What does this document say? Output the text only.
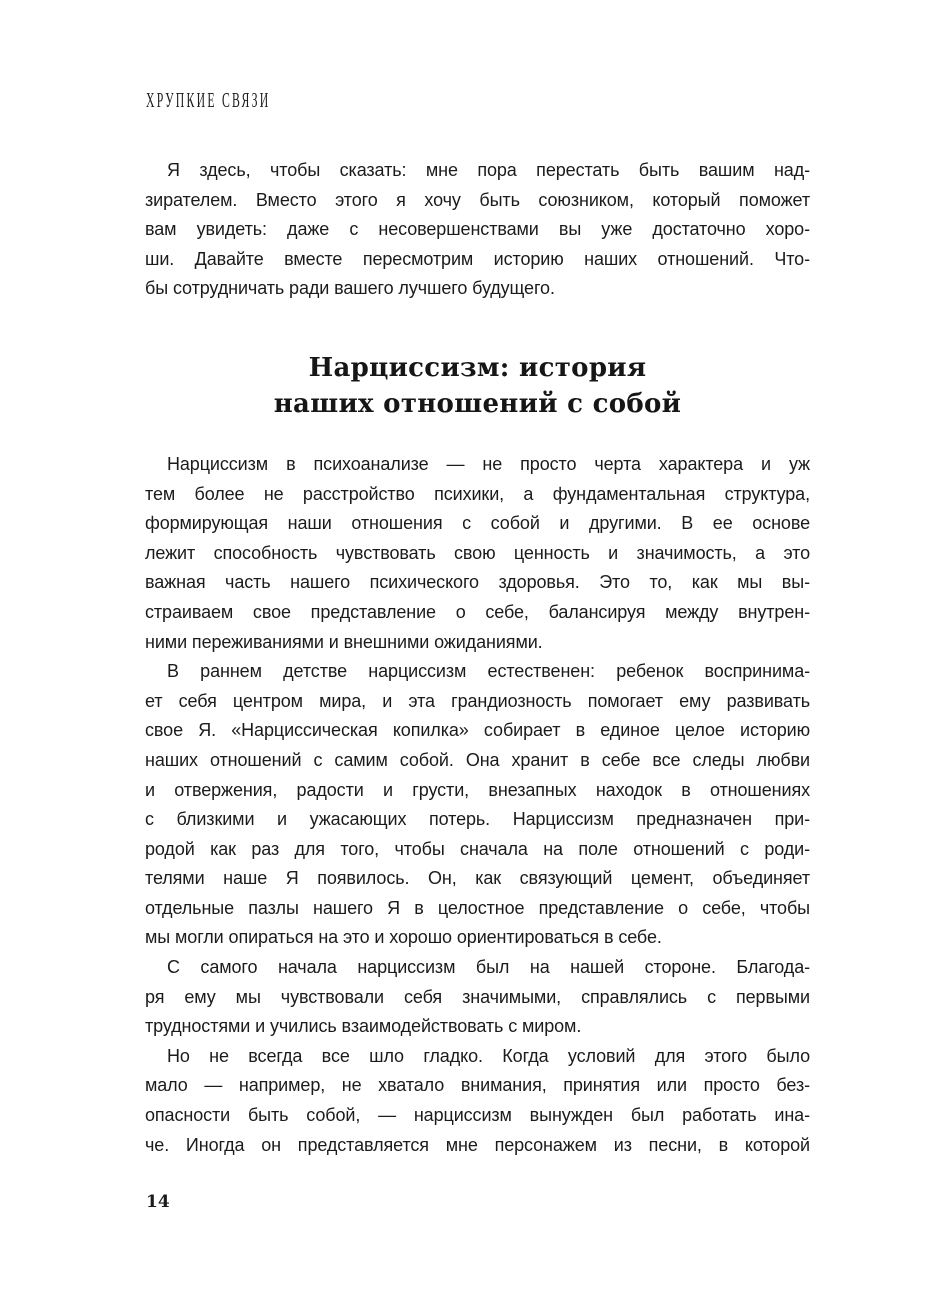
ХРУПКИЕ СВЯЗИ
Я здесь, чтобы сказать: мне пора перестать быть вашим над-
зирателем. Вместо этого я хочу быть союзником, который поможет
вам увидеть: даже с несовершенствами вы уже достаточно хоро-
ши. Давайте вместе пересмотрим историю наших отношений. Что-
бы сотрудничать ради вашего лучшего будущего.
Нарциссизм: история
наших отношений с собой
Нарциссизм в психоанализе — не просто черта характера и уж
тем более не расстройство психики, а фундаментальная структура,
формирующая наши отношения с собой и другими. В ее основе
лежит способность чувствовать свою ценность и значимость, а это
важная часть нашего психического здоровья. Это то, как мы вы-
страиваем свое представление о себе, балансируя между внутрен-
ними переживаниями и внешними ожиданиями.
В раннем детстве нарциссизм естественен: ребенок воспринима-
ет себя центром мира, и эта грандиозность помогает ему развивать
свое Я. «Нарциссическая копилка» собирает в единое целое историю
наших отношений с самим собой. Она хранит в себе все следы любви
и отвержения, радости и грусти, внезапных находок в отношениях
с близкими и ужасающих потерь. Нарциссизм предназначен при-
родой как раз для того, чтобы сначала на поле отношений с роди-
телями наше Я появилось. Он, как связующий цемент, объединяет
отдельные пазлы нашего Я в целостное представление о себе, чтобы
мы могли опираться на это и хорошо ориентироваться в себе.
С самого начала нарциссизм был на нашей стороне. Благода-
ря ему мы чувствовали себя значимыми, справлялись с первыми
трудностями и учились взаимодействовать с миром.
Но не всегда все шло гладко. Когда условий для этого было
мало — например, не хватало внимания, принятия или просто без-
опасности быть собой, — нарциссизм вынужден был работать ина-
че. Иногда он представляется мне персонажем из песни, в которой
14
